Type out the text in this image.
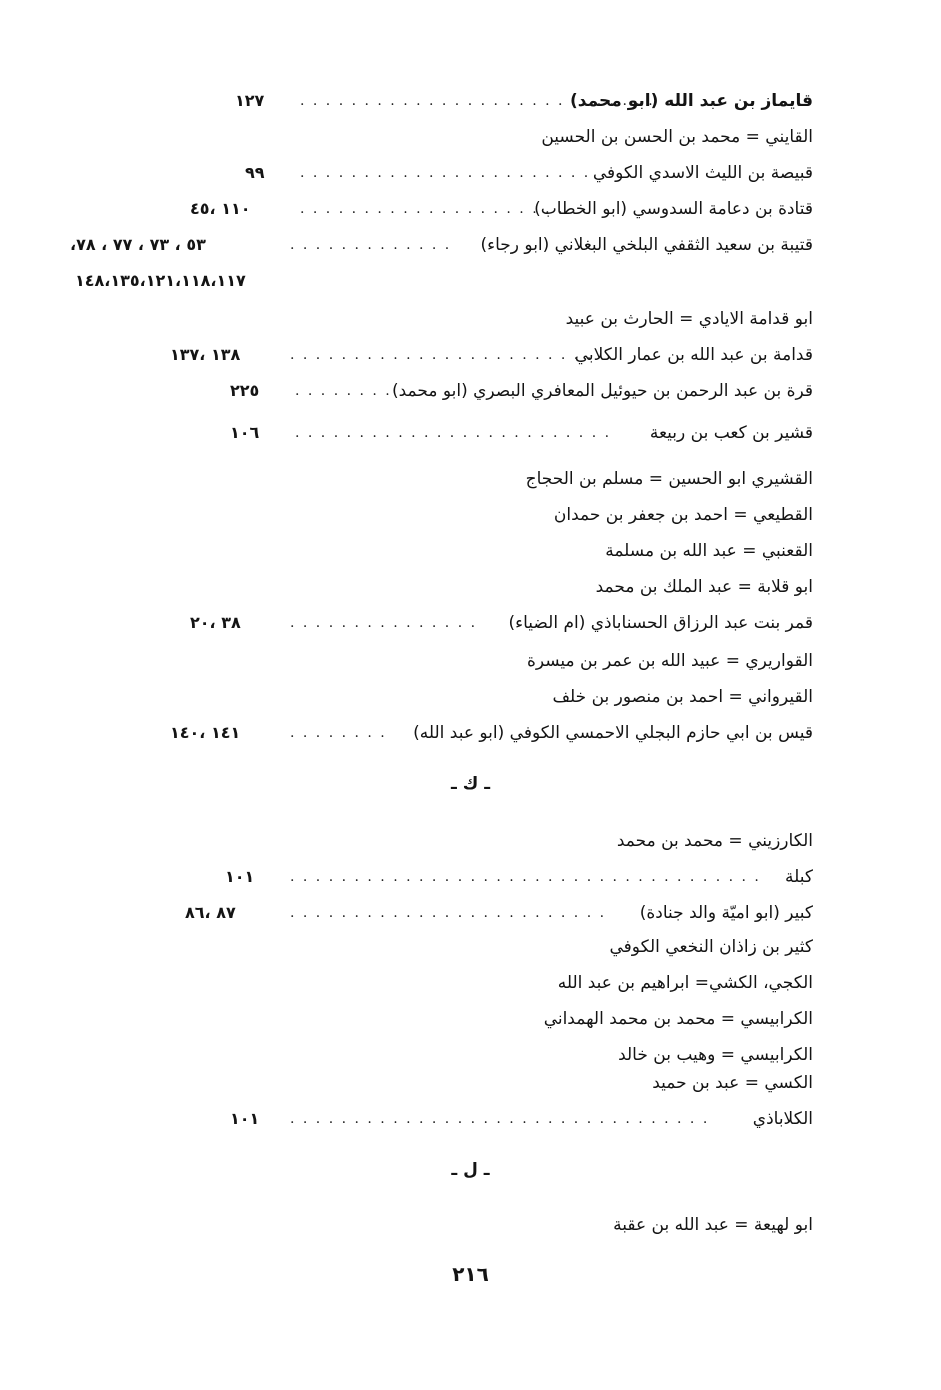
قايماز بن عبد الله (ابو محمد)
. . . . . . . . . . . . . . . . . . . . . . . . . . . .
١٢٧
القايني = محمد بن الحسن بن الحسين
قبيصة بن الليث الاسدي الكوفي
. . . . . . . . . . . . . . . . . . . . . . .
٩٩
قتادة بن دعامة السدوسي (ابو الخطاب)
. . . . . . . . . . . . . . . . . . . . . .
١١٠ ،٤٥
قتيبة بن سعيد الثقفي البلخي البغلاني (ابو رجاء)
. . . . . . . . . . . . .
٥٣ ، ٧٣ ، ٧٧ ، ٧٨،
١٤٨،١٣٥،١٢١،١١٨،١١٧
ابو قدامة الايادي = الحارث بن عبيد
قدامة بن عبد الله بن عمار الكلابي
. . . . . . . . . . . . . . . . . . . . . . . .
١٣٨ ،١٣٧
قرة بن عبد الرحمن بن حيوئيل المعافري البصري (ابو محمد)
. . . . . . . .
٢٢٥
قشير بن كعب بن ربيعة
. . . . . . . . . . . . . . . . . . . . . . . . .
١٠٦
القشيري ابو الحسين = مسلم بن الحجاج
القطيعي = احمد بن جعفر بن حمدان
القعنبي = عبد الله بن مسلمة
ابو قلابة = عبد الملك بن محمد
قمر بنت عبد الرزاق الحسناباذي (ام الضياء)
. . . . . . . . . . . . . . .
٣٨ ،٢٠
القواريري = عبيد الله بن عمر بن ميسرة
القيرواني = احمد بن منصور بن خلف
قيس بن ابي حازم البجلي الاحمسي الكوفي (ابو عبد الله)
. . . . . . . .
١٤١ ،١٤٠
ـ ك ـ
الكارزيني = محمد بن محمد
كبلة
. . . . . . . . . . . . . . . . . . . . . . . . . . . . . . . . . . . . .
١٠١
كبير (ابو اميّة والد جنادة)
. . . . . . . . . . . . . . . . . . . . . . . . .
٨٧ ،٨٦
كثير بن زاذان النخعي الكوفي
الكجي، الكشي= ابراهيم بن عبد الله
الكرابيسي = محمد بن محمد الهمداني
الكرابيسي = وهيب بن خالد
الكسي = عبد بن حميد
الكلاباذي
. . . . . . . . . . . . . . . . . . . . . . . . . . . . . . . . .
١٠١
ـ ل ـ
ابو لهيعة = عبد الله بن عقبة
٢١٦
